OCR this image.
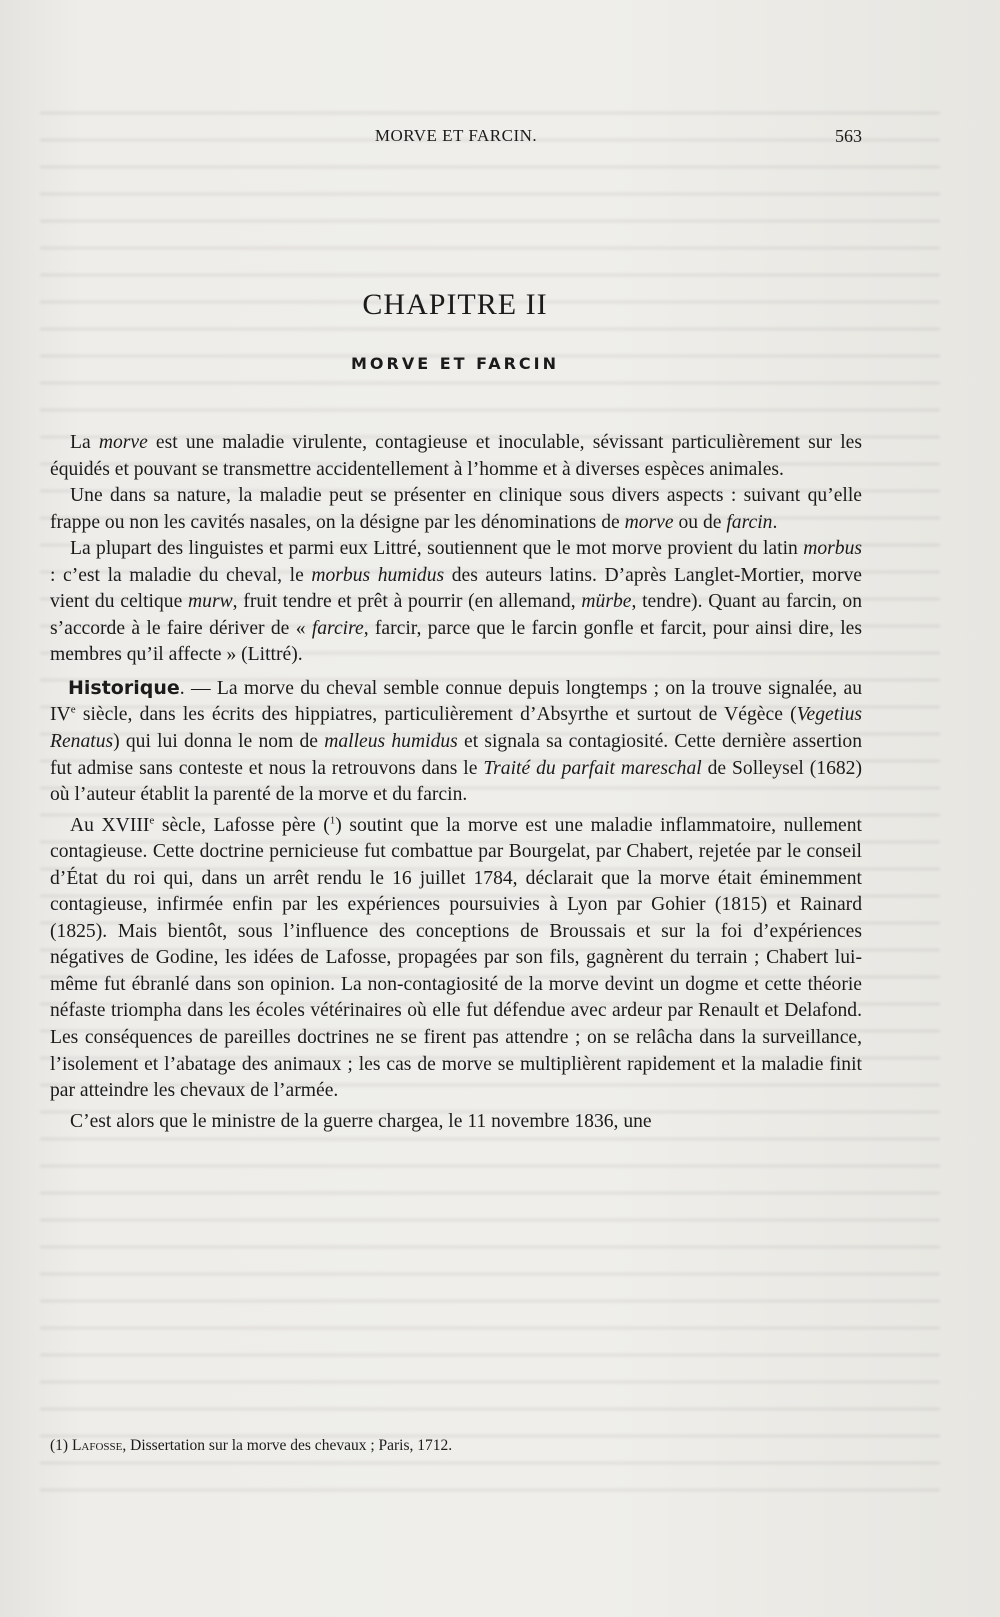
MORVE ET FARCIN.	563
CHAPITRE II
MORVE ET FARCIN

La morve est une maladie virulente, contagieuse et inoculable, sévissant particulièrement sur les équidés et pouvant se transmettre accidentellement à l’homme et à diverses espèces animales.

Une dans sa nature, la maladie peut se présenter en clinique sous divers aspects : suivant qu’elle frappe ou non les cavités nasales, on la désigne par les dénominations de morve ou de farcin.

La plupart des linguistes et parmi eux Littré, soutiennent que le mot morve provient du latin morbus : c’est la maladie du cheval, le morbus humidus des auteurs latins. D’après Langlet-Mortier, morve vient du celtique murw, fruit tendre et prêt à pourrir (en allemand, mürbe, tendre). Quant au farcin, on s’accorde à le faire dériver de « farcire, farcir, parce que le farcin gonfle et farcit, pour ainsi dire, les membres qu’il affecte » (Littré).

Historique. — La morve du cheval semble connue depuis longtemps ; on la trouve signalée, au IVe siècle, dans les écrits des hippiatres, particulièrement d’Absyrthe et surtout de Végèce (Vegetius Renatus) qui lui donna le nom de malleus humidus et signala sa contagiosité. Cette dernière assertion fut admise sans conteste et nous la retrouvons dans le Traité du parfait mareschal de Solleysel (1682) où l’auteur établit la parenté de la morve et du farcin.

Au XVIIIe sècle, Lafosse père ($^1$) soutint que la morve est une maladie inflammatoire, nullement contagieuse. Cette doctrine pernicieuse fut combattue par Bourgelat, par Chabert, rejetée par le conseil d’État du roi qui, dans un arrêt rendu le 16 juillet 1784, déclarait que la morve était éminemment contagieuse, infirmée enfin par les expériences poursuivies à Lyon par Gohier (1815) et Rainard (1825). Mais bientôt, sous l’influence des conceptions de Broussais et sur la foi d’expériences négatives de Godine, les idées de Lafosse, propagées par son fils, gagnèrent du terrain ; Chabert lui-même fut ébranlé dans son opinion. La non-contagiosité de la morve devint un dogme et cette théorie néfaste triompha dans les écoles vétérinaires où elle fut défendue avec ardeur par Renault et Delafond. Les conséquences de pareilles doctrines ne se firent pas attendre ; on se relâcha dans la surveillance, l’isolement et l’abatage des animaux ; les cas de morve se multiplièrent rapidement et la maladie finit par atteindre les chevaux de l’armée.

C’est alors que le ministre de la guerre chargea, le 11 novembre 1836, une

(1) Lafosse, Dissertation sur la morve des chevaux ; Paris, 1712.
